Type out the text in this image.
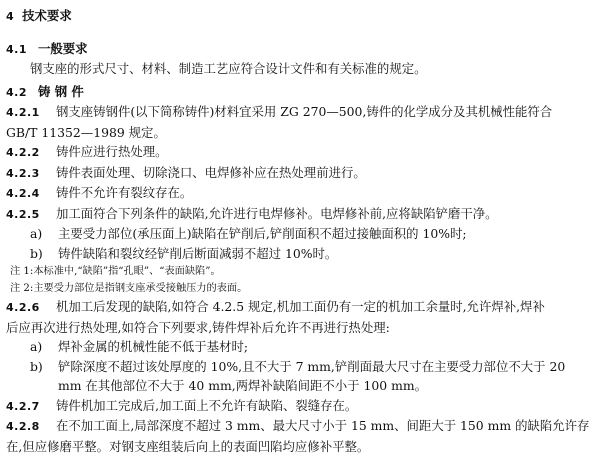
4 技术要求
4.1 一般要求
钢支座的形式尺寸、材料、制造工艺应符合设计文件和有关标准的规定。
4.2 铸 钢 件
4.2.1 钢支座铸钢件(以下简称铸件)材料宜采用 ZG 270—500,铸件的化学成分及其机械性能符合
GB/T 11352—1989 规定。
4.2.2 铸件应进行热处理。
4.2.3 铸件表面处理、切除浇口、电焊修补应在热处理前进行。
4.2.4 铸件不允许有裂纹存在。
4.2.5 加工面符合下列条件的缺陷,允许进行电焊修补。电焊修补前,应将缺陷铲磨干净。
a) 主要受力部位(承压面上)缺陷在铲削后,铲削面积不超过接触面积的 10%时;
b) 铸件缺陷和裂纹经铲削后断面减弱不超过 10%时。
注 1:本标准中,“缺陷”指“孔眼”、“表面缺陷”。
注 2:主要受力部位是指钢支座承受接触压力的表面。
4.2.6 机加工后发现的缺陷,如符合 4.2.5 规定,机加工面仍有一定的机加工余量时,允许焊补,焊补
后应再次进行热处理,如符合下列要求,铸件焊补后允许不再进行热处理:
a) 焊补金属的机械性能不低于基材时;
b) 铲除深度不超过该处厚度的 10%,且不大于 7 mm,铲削面最大尺寸在主要受力部位不大于 20
mm 在其他部位不大于 40 mm,两焊补缺陷间距不小于 100 mm。
4.2.7 铸件机加工完成后,加工面上不允许有缺陷、裂缝存在。
4.2.8 在不加工面上,局部深度不超过 3 mm、最大尺寸小于 15 mm、间距大于 150 mm 的缺陷允许存
在,但应修磨平整。对钢支座组装后向上的表面凹陷均应修补平整。
